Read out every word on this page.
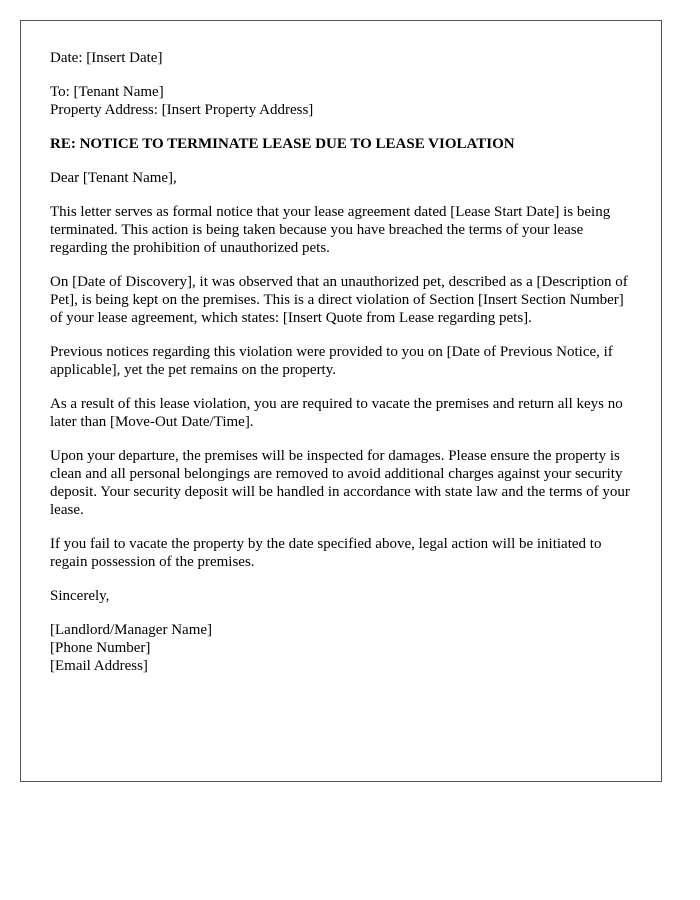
Date: [Insert Date]

To: [Tenant Name]
Property Address: [Insert Property Address]

RE: NOTICE TO TERMINATE LEASE DUE TO LEASE VIOLATION

Dear [Tenant Name],

This letter serves as formal notice that your lease agreement dated [Lease Start Date] is being terminated. This action is being taken because you have breached the terms of your lease regarding the prohibition of unauthorized pets.

On [Date of Discovery], it was observed that an unauthorized pet, described as a [Description of Pet], is being kept on the premises. This is a direct violation of Section [Insert Section Number] of your lease agreement, which states: [Insert Quote from Lease regarding pets].

Previous notices regarding this violation were provided to you on [Date of Previous Notice, if applicable], yet the pet remains on the property.

As a result of this lease violation, you are required to vacate the premises and return all keys no later than [Move-Out Date/Time].

Upon your departure, the premises will be inspected for damages. Please ensure the property is clean and all personal belongings are removed to avoid additional charges against your security deposit. Your security deposit will be handled in accordance with state law and the terms of your lease.

If you fail to vacate the property by the date specified above, legal action will be initiated to regain possession of the premises.

Sincerely,

[Landlord/Manager Name]
[Phone Number]
[Email Address]
